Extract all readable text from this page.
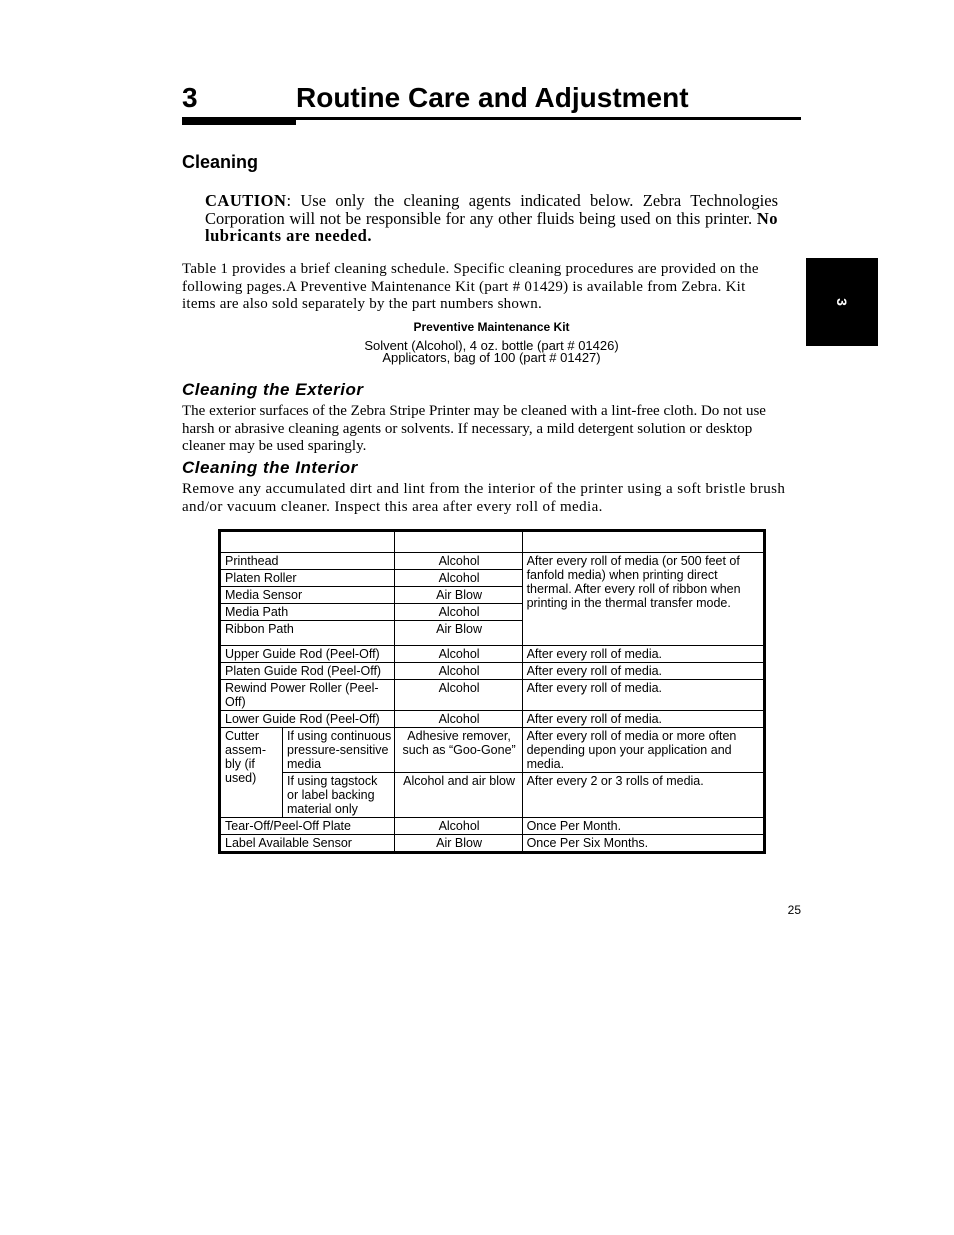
3	Routine Care and Adjustment
3
Cleaning
CAUTION: Use only the cleaning agents indicated below. Zebra Technologies Corporation will not be responsible for any other fluids being used on this printer. No lubricants are needed.
Table 1 provides a brief cleaning schedule. Specific cleaning procedures are provided on the following pages.A Preventive Maintenance Kit (part # 01429) is available from Zebra. Kit items are also sold separately by the part numbers shown.
Preventive Maintenance Kit
Solvent (Alcohol), 4 oz. bottle (part # 01426)
Applicators, bag of 100 (part # 01427)
Cleaning the Exterior
The exterior surfaces of the Zebra Stripe Printer may be cleaned with a lint-free cloth. Do not use harsh or abrasive cleaning agents or solvents. If necessary, a mild detergent solution or desktop cleaner may be used sparingly.
Cleaning the Interior
Remove any accumulated dirt and lint from the interior of the printer using a soft bristle brush and/or vacuum cleaner. Inspect this area after every roll of media.

Printhead		Alcohol	After every roll of media (or 500 feet of fanfold media) when printing direct thermal. After every roll of ribbon when printing in the thermal transfer mode.
Platen Roller		Alcohol	
Media Sensor		Air Blow	
Media Path		Alcohol	
Ribbon Path		Air Blow	
Upper Guide Rod (Peel-Off)		Alcohol	After every roll of media.
Platen Guide Rod (Peel-Off)		Alcohol	After every roll of media.
Rewind Power Roller (Peel-Off)		Alcohol	After every roll of media.
Lower Guide Rod (Peel-Off)		Alcohol	After every roll of media.
Cutter assem-bly (if used)	If using continuous pressure-sensitive media	Adhesive remover, such as “Goo-Gone”	After every roll of media or more often depending upon your application and media.
	If using tagstock or label backing material only	Alcohol and air blow	After every 2 or 3 rolls of media.
Tear-Off/Peel-Off Plate		Alcohol	Once Per Month.
Label Available Sensor		Air Blow	Once Per Six Months.
25
